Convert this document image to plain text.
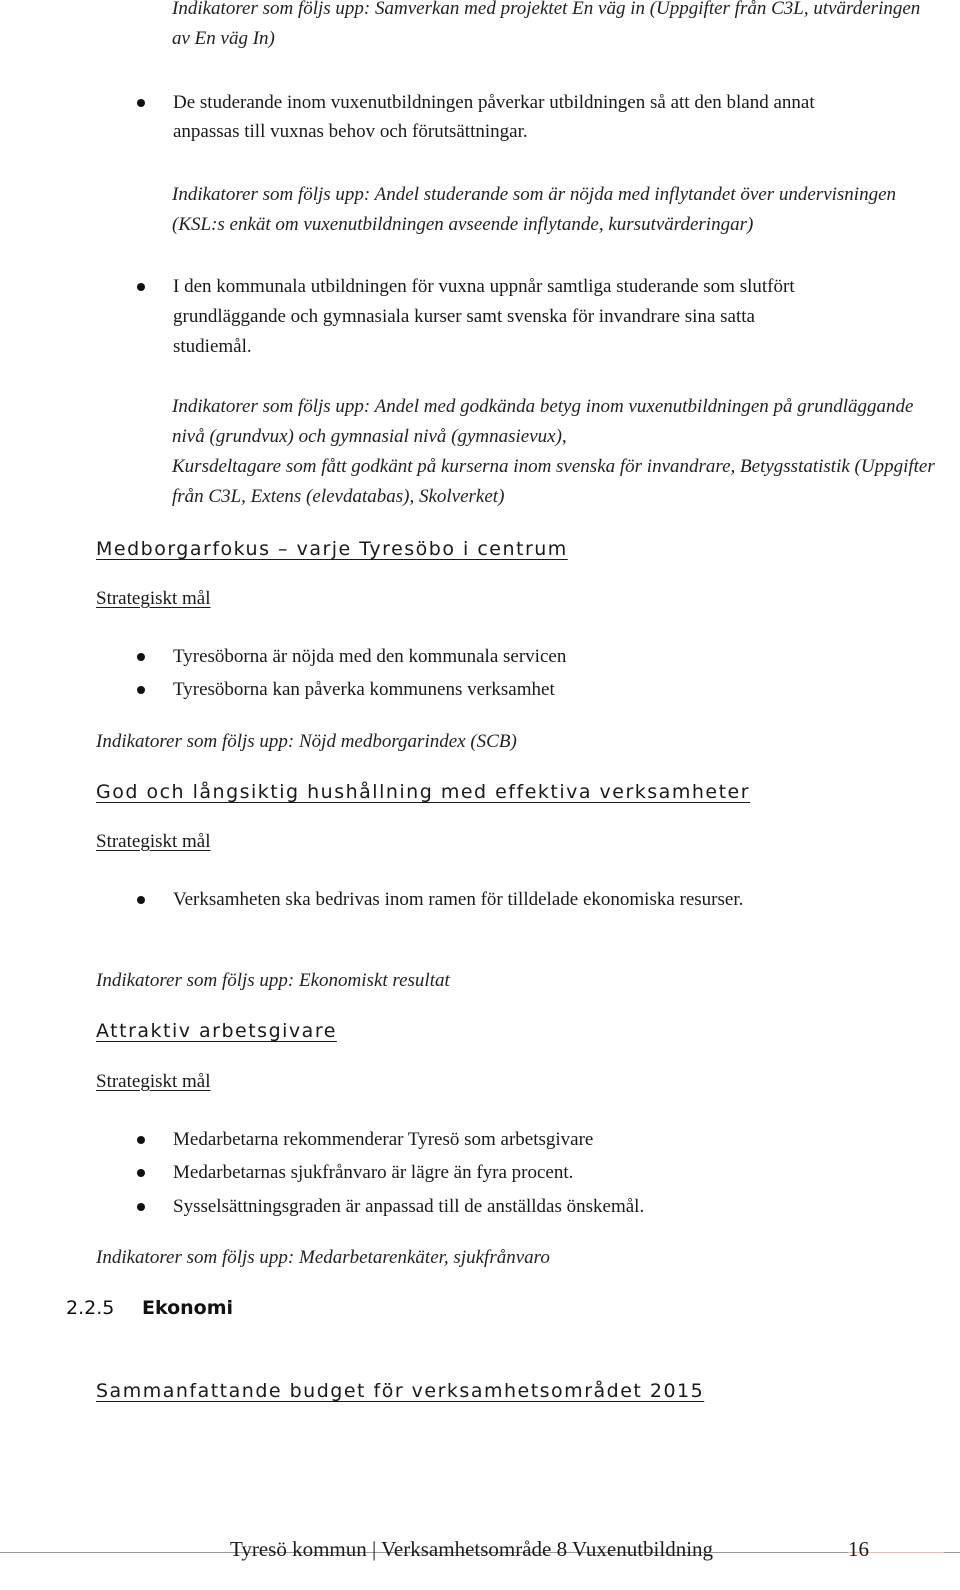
Indikatorer som följs upp: Samverkan med projektet En väg in (Uppgifter från C3L, utvärderingen

av En väg In)

De studerande inom vuxenutbildningen påverkar utbildningen så att den bland annat
anpassas till vuxnas behov och förutsättningar.

Indikatorer som följs upp: Andel studerande som är nöjda med inflytandet över undervisningen

(KSL:s enkät om vuxenutbildningen avseende inflytande, kursutvärderingar)

I den kommunala utbildningen för vuxna uppnår samtliga studerande som slutfört
grundläggande och gymnasiala kurser samt svenska för invandrare sina satta
studiemål.

Indikatorer som följs upp: Andel med godkända betyg inom vuxenutbildningen på grundläggande

nivå (grundvux) och gymnasial nivå (gymnasievux),

Kursdeltagare som fått godkänt på kurserna inom svenska för invandrare, Betygsstatistik (Uppgifter

från C3L, Extens (elevdatabas), Skolverket)

Medborgarfokus – varje Tyresöbo i centrum

Strategiskt mål

Tyresöborna är nöjda med den kommunala servicen
Tyresöborna kan påverka kommunens verksamhet

Indikatorer som följs upp: Nöjd medborgarindex (SCB)

God och långsiktig hushållning med effektiva verksamheter

Strategiskt mål

Verksamheten ska bedrivas inom ramen för tilldelade ekonomiska resurser.

Indikatorer som följs upp: Ekonomiskt resultat

Attraktiv arbetsgivare

Strategiskt mål

Medarbetarna rekommenderar Tyresö som arbetsgivare
Medarbetarnas sjukfrånvaro är lägre än fyra procent.
Sysselsättningsgraden är anpassad till de anställdas önskemål.

Indikatorer som följs upp: Medarbetarenkäter, sjukfrånvaro

2.2.5 Ekonomi
Sammanfattande budget för verksamhetsområdet 2015
Tyresö kommun | Verksamhetsområde 8 Vuxenutbildning	16
